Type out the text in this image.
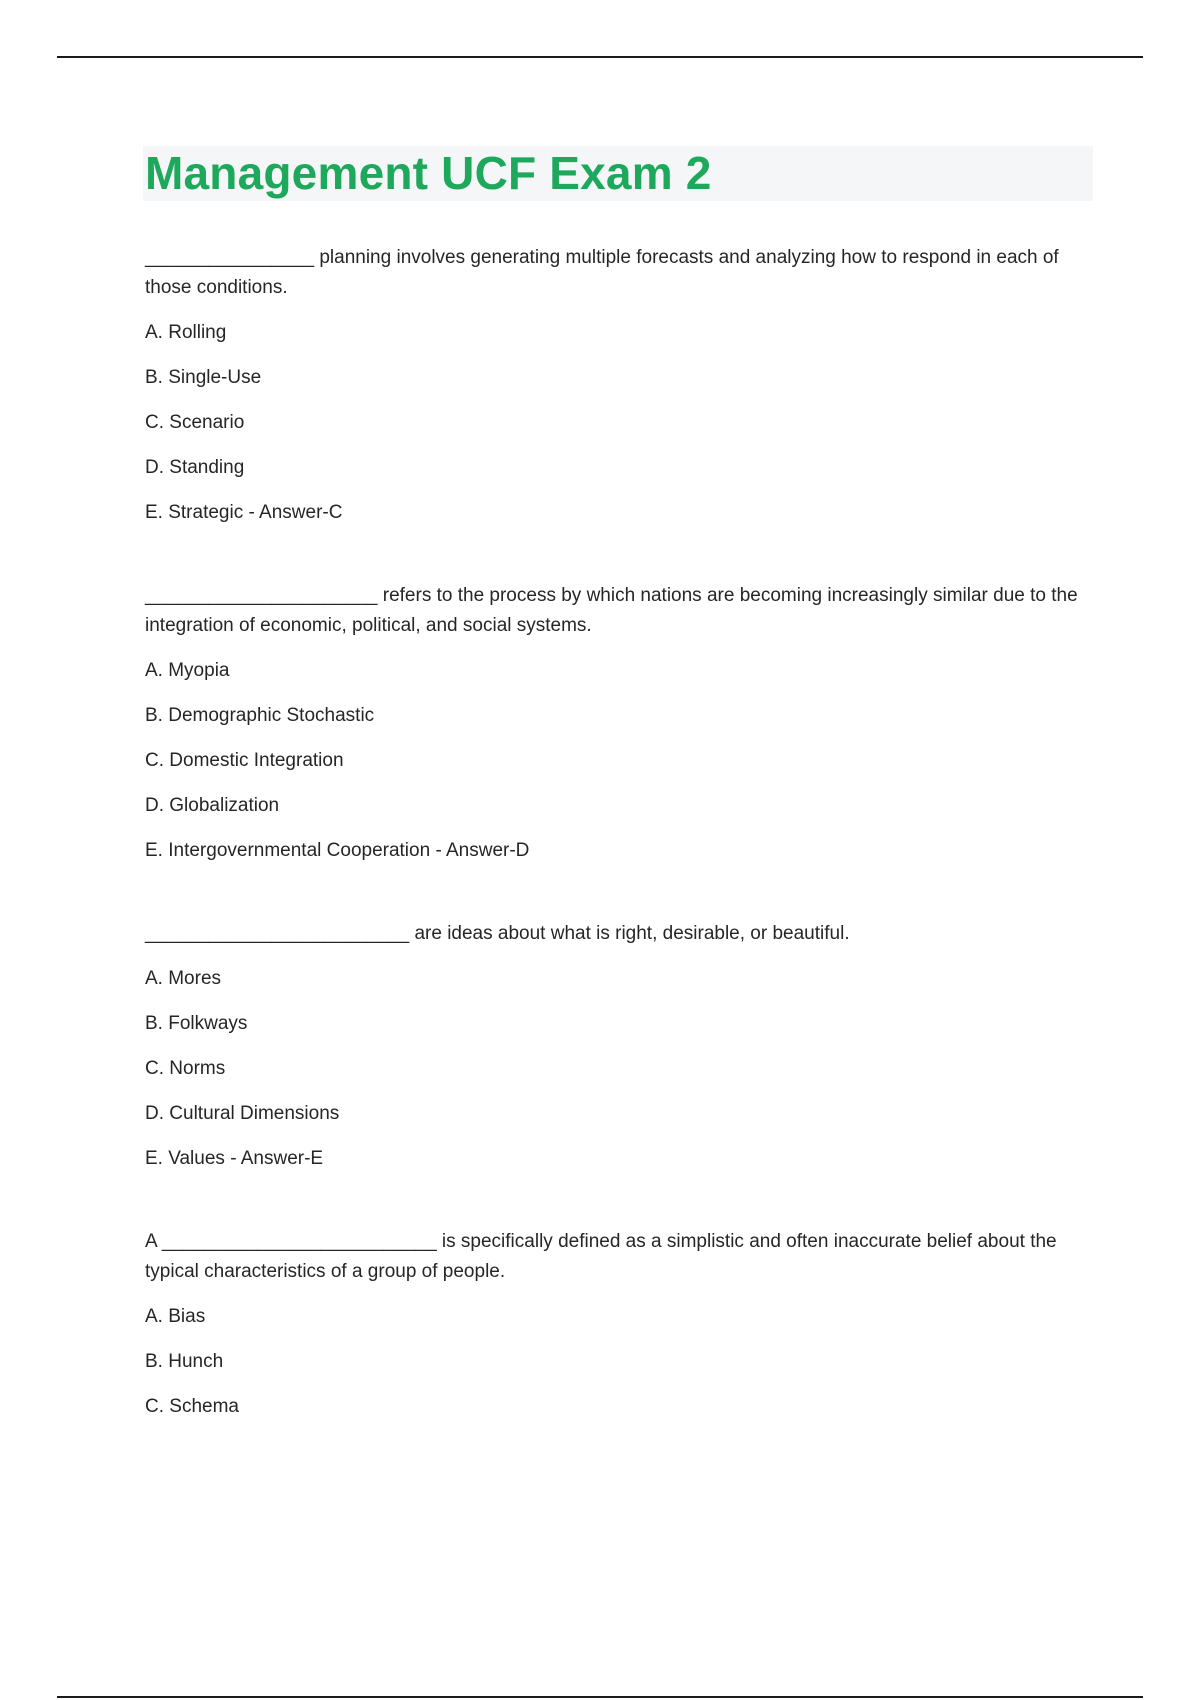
Management UCF Exam 2

________________ planning involves generating multiple forecasts and analyzing how to respond in each of those conditions.

A. Rolling

B. Single-Use

C. Scenario

D. Standing

E. Strategic - Answer-C

______________________ refers to the process by which nations are becoming increasingly similar due to the integration of economic, political, and social systems.

A. Myopia

B. Demographic Stochastic

C. Domestic Integration

D. Globalization

E. Intergovernmental Cooperation - Answer-D

_________________________ are ideas about what is right, desirable, or beautiful.

A. Mores

B. Folkways

C. Norms

D. Cultural Dimensions

E. Values - Answer-E

A __________________________ is specifically defined as a simplistic and often inaccurate belief about the typical characteristics of a group of people.

A. Bias

B. Hunch

C. Schema
